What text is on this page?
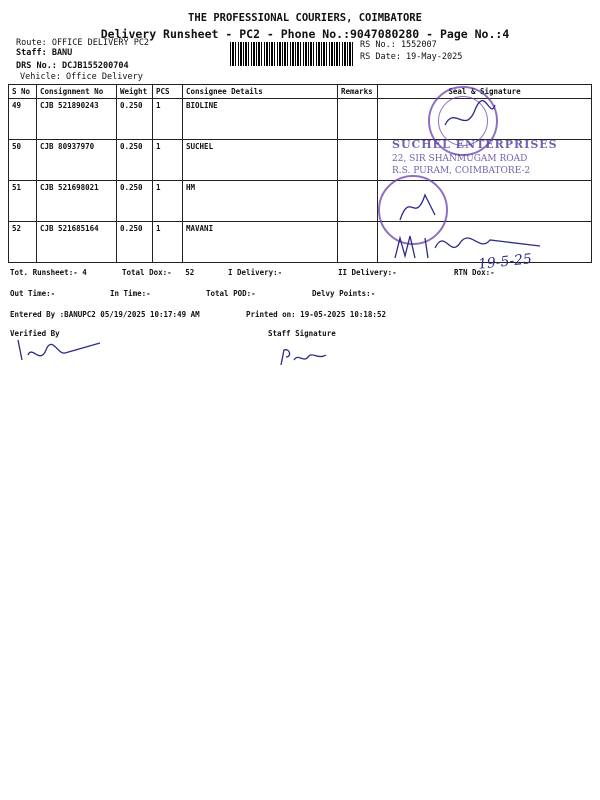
THE PROFESSIONAL COURIERS, COIMBATORE
Delivery Runsheet - PC2 - Phone No.:9047080280 - Page No.:4
Route: OFFICE DELIVERY PC2
Staff: BANU
DRS No.: DCJB155200704
Vehicle: Office Delivery
RS No.: 1552007
RS Date: 19-May-2025
S No	Consignment No	Weight	PCS	Consignee Details	Remarks	Seal & Signature
49	CJB 521890243	0.250	1	BIOLINE		
50	CJB 80937970	0.250	1	SUCHEL		
51	CJB 521698021	0.250	1	HM		
52	CJB 521685164	0.250	1	MAVANI		
SUCHEL ENTERPRISES
22, SIR SHANMUGAM ROAD
R.S. PURAM, COIMBATORE-2
19-5-25
Tot. Runsheet:- 4	Total Dox:-   52	I Delivery:-	II Delivery:-	RTN Dox:-
Out Time:-	In Time:-	Total POD:-	Delvy Points:-
Entered By :BANUPC2 05/19/2025 10:17:49 AM	Printed on: 19-05-2025 10:18:52
Verified By	Staff Signature
